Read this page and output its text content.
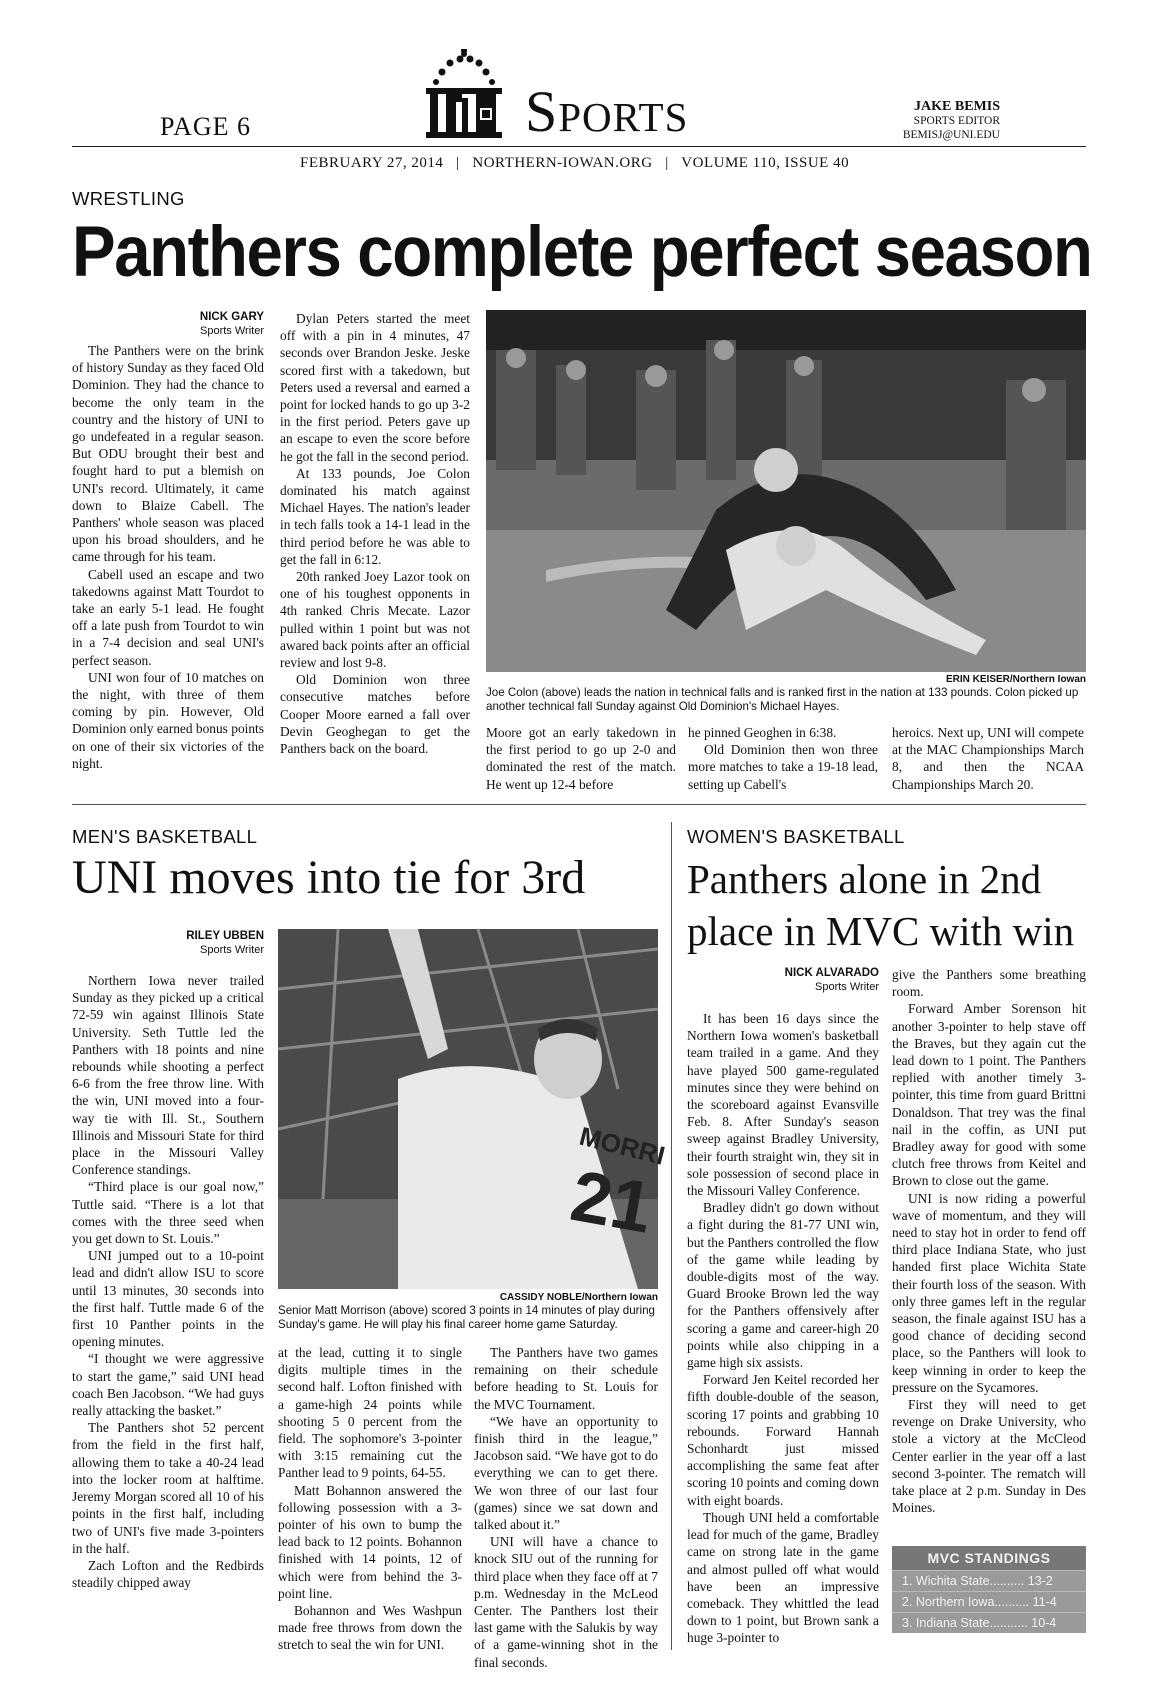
PAGE 6	Sports	JAKE BEMIS
SPORTS EDITOR
BEMISJ@UNI.EDU
FEBRUARY 27, 2014   |   NORTHERN-IOWAN.ORG   |   VOLUME 110, ISSUE 40
WRESTLING
Panthers complete perfect season
NICK GARY
Sports Writer

The Panthers were on the brink of history Sunday as they faced Old Dominion. They had the chance to become the only team in the country and the history of UNI to go undefeated in a regular season. But ODU brought their best and fought hard to put a blemish on UNI's record. Ultimately, it came down to Blaize Cabell. The Panthers' whole season was placed upon his broad shoulders, and he came through for his team.

Cabell used an escape and two takedowns against Matt Tourdot to take an early 5-1 lead. He fought off a late push from Tourdot to win in a 7-4 decision and seal UNI's perfect season.

UNI won four of 10 matches on the night, with three of them coming by pin. However, Old Dominion only earned bonus points on one of their six victories of the night.

Dylan Peters started the meet off with a pin in 4 minutes, 47 seconds over Brandon Jeske. Jeske scored first with a takedown, but Peters used a reversal and earned a point for locked hands to go up 3-2 in the first period. Peters gave up an escape to even the score before he got the fall in the second period.

At 133 pounds, Joe Colon dominated his match against Michael Hayes. The nation's leader in tech falls took a 14-1 lead in the third period before he was able to get the fall in 6:12.

20th ranked Joey Lazor took on one of his toughest opponents in 4th ranked Chris Mecate. Lazor pulled within 1 point but was not awared back points after an official review and lost 9-8.

Old Dominion won three consecutive matches before Cooper Moore earned a fall over Devin Geoghegan to get the Panthers back on the board.

ERIN KEISER/Northern Iowan
Joe Colon (above) leads the nation in technical falls and is ranked first in the nation at 133 pounds. Colon picked up another technical fall Sunday against Old Dominion's Michael Hayes.

Moore got an early takedown in the first period to go up 2-0 and dominated the rest of the match. He went up 12-4 before

he pinned Geoghen in 6:38.

Old Dominion then won three more matches to take a 19-18 lead, setting up Cabell's

heroics. Next up, UNI will compete at the MAC Championships March 8, and then the NCAA Championships March 20.

MEN'S BASKETBALL
UNI moves into tie for 3rd
RILEY UBBEN
Sports Writer

Northern Iowa never trailed Sunday as they picked up a critical 72-59 win against Illinois State University. Seth Tuttle led the Panthers with 18 points and nine rebounds while shooting a perfect 6-6 from the free throw line. With the win, UNI moved into a four-way tie with Ill. St., Southern Illinois and Missouri State for third place in the Missouri Valley Conference standings.

“Third place is our goal now,” Tuttle said. “There is a lot that comes with the three seed when you get down to St. Louis.”

UNI jumped out to a 10-point lead and didn't allow ISU to score until 13 minutes, 30 seconds into the first half. Tuttle made 6 of the first 10 Panther points in the opening minutes.

“I thought we were aggressive to start the game,” said UNI head coach Ben Jacobson. “We had guys really attacking the basket.”

The Panthers shot 52 percent from the field in the first half, allowing them to take a 40-24 lead into the locker room at halftime. Jeremy Morgan scored all 10 of his points in the first half, including two of UNI's five made 3-pointers in the half.

Zach Lofton and the Redbirds steadily chipped away

MORRI
21
CASSIDY NOBLE/Northern Iowan
Senior Matt Morrison (above) scored 3 points in 14 minutes of play during Sunday's game. He will play his final career home game Saturday.

at the lead, cutting it to single digits multiple times in the second half. Lofton finished with a game-high 24 points while shooting 5 0 percent from the field. The sophomore's 3-pointer with 3:15 remaining cut the Panther lead to 9 points, 64-55.

Matt Bohannon answered the following possession with a 3-pointer of his own to bump the lead back to 12 points. Bohannon finished with 14 points, 12 of which were from behind the 3-point line.

Bohannon and Wes Washpun made free throws from down the stretch to seal the win for UNI.

The Panthers have two games remaining on their schedule before heading to St. Louis for the MVC Tournament.

“We have an opportunity to finish third in the league,” Jacobson said. “We have got to do everything we can to get there. We won three of our last four (games) since we sat down and talked about it.”

UNI will have a chance to knock SIU out of the running for third place when they face off at 7 p.m. Wednesday in the McLeod Center. The Panthers lost their last game with the Salukis by way of a game-winning shot in the final seconds.

WOMEN'S BASKETBALL
Panthers alone in 2nd
place in MVC with win
NICK ALVARADO
Sports Writer

It has been 16 days since the Northern Iowa women's basketball team trailed in a game. And they have played 500 game-regulated minutes since they were behind on the scoreboard against Evansville Feb. 8. After Sunday's season sweep against Bradley University, their fourth straight win, they sit in sole possession of second place in the Missouri Valley Conference.

Bradley didn't go down without a fight during the 81-77 UNI win, but the Panthers controlled the flow of the game while leading by double-digits most of the way. Guard Brooke Brown led the way for the Panthers offensively after scoring a game and career-high 20 points while also chipping in a game high six assists.

Forward Jen Keitel recorded her fifth double-double of the season, scoring 17 points and grabbing 10 rebounds. Forward Hannah Schonhardt just missed accomplishing the same feat after scoring 10 points and coming down with eight boards.

Though UNI held a comfortable lead for much of the game, Bradley came on strong late in the game and almost pulled off what would have been an impressive comeback. They whittled the lead down to 1 point, but Brown sank a huge 3-pointer to

give the Panthers some breathing room.

Forward Amber Sorenson hit another 3-pointer to help stave off the Braves, but they again cut the lead down to 1 point. The Panthers replied with another timely 3-pointer, this time from guard Brittni Donaldson. That trey was the final nail in the coffin, as UNI put Bradley away for good with some clutch free throws from Keitel and Brown to close out the game.

UNI is now riding a powerful wave of momentum, and they will need to stay hot in order to fend off third place Indiana State, who just handed first place Wichita State their fourth loss of the season. With only three games left in the regular season, the finale against ISU has a good chance of deciding second place, so the Panthers will look to keep winning in order to keep the pressure on the Sycamores.

First they will need to get revenge on Drake University, who stole a victory at the McCleod Center earlier in the year off a last second 3-pointer. The rematch will take place at 2 p.m. Sunday in Des Moines.

MVC STANDINGS
1. Wichita State.......... 13-2
2. Northern Iowa.......... 11-4
3. Indiana State........... 10-4
